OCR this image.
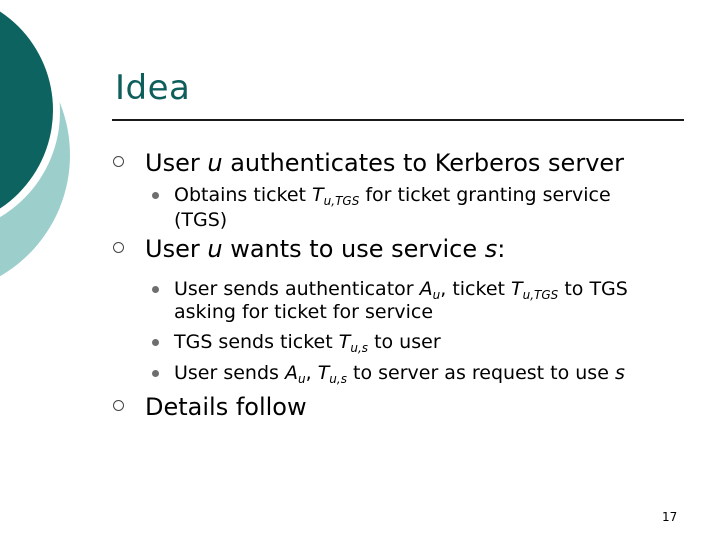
Idea
User u authenticates to Kerberos server
Obtains ticket $T_{u,TGS}$ for ticket granting service
(TGS)
User u wants to use service s:
User sends authenticator $A_u$, ticket $T_{u,TGS}$ to TGS
asking for ticket for service
TGS sends ticket $T_{u,s}$ to user
User sends $A_u$, $T_{u,s}$ to server as request to use s
Details follow
17
